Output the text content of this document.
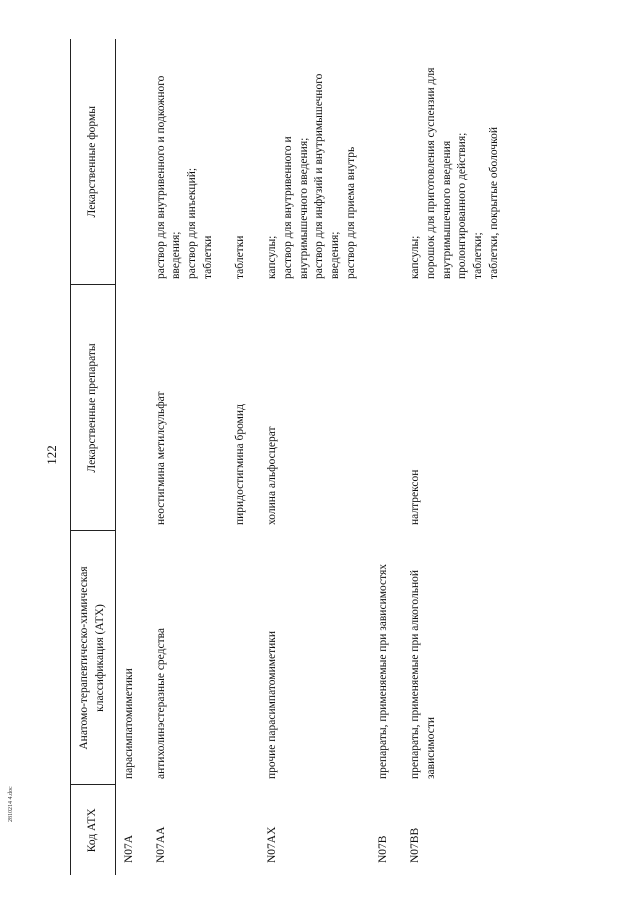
122
Код АТХ	Анатомо-терапевтическо-химическая классификация (АТХ)	Лекарственные препараты	Лекарственные формы
N07A	парасимпатомиметики		
N07AA	антихолинэстеразные средства	неостигмина метилсульфат	раствор для внутривенного и подкожного введения; раствор для инъекций; таблетки

		пиридостигмина бромид	таблетки

N07AX	прочие парасимпатомиметики	холина альфосцерат	капсулы; раствор для внутривенного и внутримышечного введения; раствор для инфузий и внутримышечного введения; раствор для приема внутрь

N07B	препараты, применяемые при зависимостях		
N07BB	препараты, применяемые при алкогольной зависимости	налтрексон	капсулы; порошок для приготовления суспензии для внутримышечного введения пролонгированного действия; таблетки; таблетки, покрытые оболочкой
2810214 4.doc
